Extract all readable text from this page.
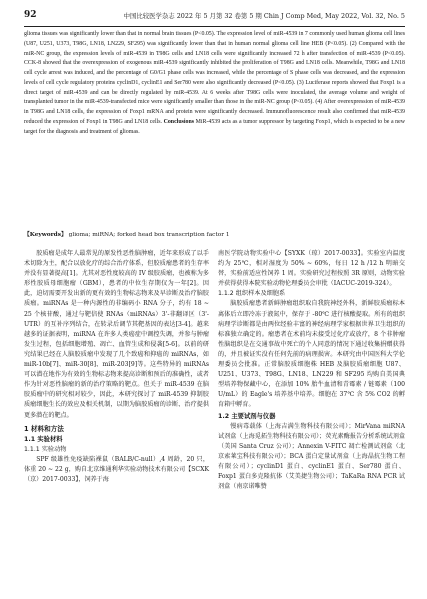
92	中国比较医学杂志 2022 年 5 月第 32 卷第 5 期 Chin J Comp Med, May 2022, Vol. 32, No. 5
glioma tissues was significantly lower than that in normal brain tissues (P<0.05). The expression level of miR-4539 in 7 commonly used human glioma cell lines (U87, U251, U373, T98G, LN18, LN229, SF295) was significantly lower than that in human normal glioma cell line HEB (P<0.05). (2) Compared with the miR-NC group, the expression levels of miR-4539 in T98G cells and LN18 cells were significantly increased 72 h after transfection of miR-4539 (P<0.05). CCK-8 showed that the overexpression of exogenous miR-4539 significantly inhibited the proliferation of T98G and LN18 cells. Meanwhile, T98G and LN18 cell cycle arrest was induced, and the percentage of G0/G1 phase cells was increased, while the percentage of S phase cells was decreased, and the expression levels of cell cycle regulatory proteins cyclinD1, cyclinE1 and Ser780 were also significantly decreased (P<0.05). (3) Luciferase reports showed that Foxp1 is a direct target of miR-4539 and can be directly regulated by miR-4539. At 6 weeks after T98G cells were inoculated, the average volume and weight of transplanted tumor in the miR-4539-transfected mice were significantly smaller than those in the miR-NC group (P<0.05). (4) After overexpression of miR-4539 in T98G and LN18 cells, the expression of Foxp1 mRNA and protein were significantly decreased. Immunofluorescence result also confirmed that miR-4539 reduced the expression of Foxp1 in T98G and LN18 cells. Conclusions MiR-4539 acts as a tumor suppressor by targeting Foxp1, which is expected to be a new target for the diagnosis and treatment of gliomas.
【Keywords】 glioma; miRNA; forked head box transcription factor 1

胶质瘤是成年人最常见的原发性恶性脑肿瘤，近年来形成了以手术切除为主，配合以放化疗的综合治疗体系，但胶质瘤患者的生存率并没有显著提高[1]。尤其对恶性度较高的 IV 级胶质瘤，也被称为多形性胶质母细胞瘤（GBM），患者的中位生存期仅为一年[2]。因此，迫切需要开发出新的更有效的生物标志物来及早诊断及治疗脑胶质瘤。miRNAs 是一种内源性的非编码小 RNA 分子，约有 18 ~ 25 个核苷酸，通过与靶信使 RNAs（miRNAs）3'-非翻译区（3'-UTR）的互补序列结合，在转录后调节其靶基因的表达[3-4]。越来越多的证据表明，miRNA 在许多人类癌症中调控失调，并参与肿瘤发生过程，包括细胞增殖、凋亡、血管生成和侵袭[5-6]。以前的研究结果已经在人脑胶质瘤中发现了几个致癌和抑癌的 miRNAs，如 miR-10b[7]、miR-30[8]、miR-203[9]等。这些特异的 miRNAs 可以潜在地作为有效的生物标志物来提高诊断和预后的准确性，或者作为针对恶性脑瘤的新的治疗策略的靶点。但关于 miR-4539 在脑胶质瘤中的研究相对较少，因此，本研究探讨了 miR-4539 抑制胶质瘤细胞生长的效应及相关机制，以期为脑胶质瘤的诊断、治疗提供更多潜在的靶点。

1 材料和方法
1.1 实验材料
1.1.1 实验动物

SPF 级雄性免疫缺陷裸鼠（BALB/C-null）,4 周龄，20 只，体重 20 ~ 22 g，购自北京维通利华实验动物技术有限公司【SCXK（京）2017-0033】，饲养于海

南医学院动物实验中心【SYXK（琼）2017-0033】。实验室内温度约为 25℃，相对湿度为 50% ~ 60%，每日 12 h /12 h 明暗交替，实验前适应性饲养 1 周。实验研究过程按照 3R 原则，动物实验并获得获得本院实验动物伦理委员会审批（IACUC-2019-324）。

1.1.2 组织样本及细胞系

脑胶质瘤患者新鲜肿瘤组织取自我院神经外科，新鲜胶质瘤标本离体后立即冷冻于液氮中，保存于 -80℃ 进行核酸提取。所有的组织病理学诊断都是由两位经验丰富的神经病理学家根据世界卫生组织的标准独立确定的。瘤患者在术前均未接受过化疗或放疗，8 个非肿瘤性脑组织是在交通事故中死亡的个人同意的情况下通过收集捐赠获得的，并且被证实没有任何先前的病理损害。本研究由中国医科大学伦理委员会批准。正常脑胶质细胞株 HEB 及脑胶质瘤细胞 U87、U251、U373、T98G、LN18、LN229 和 SF295 均购自美国典型培养物保藏中心，在添加 10% 胎牛血清和青霉素 / 链霉素（100 U/mL）的 Eagle's 培养基中培养。细胞在 37℃ 含 5% CO2 的孵育箱中孵育。

1.2 主要试剂与仪器

慢病毒载体（上海吉满生物科技有限公司）；MirVana miRNA 试剂盒（上海觅拓生物科技有限公司）；荧光素酶报告分析系统试剂盒（美国 Santa Cruz 公司）；Annexin V-FITC 凋亡检测试剂盒（北京索莱宝科技有限公司）；BCA 蛋白定量试剂盒（上海晶抗生物工程有限公司）；cyclinD1 蛋白、cyclinE1 蛋白、Ser780 蛋白、Foxp1 蛋白多克隆抗体（艾美捷生物公司）；TaKaRa RNA PCR 试剂盒（南京诺唯赞
